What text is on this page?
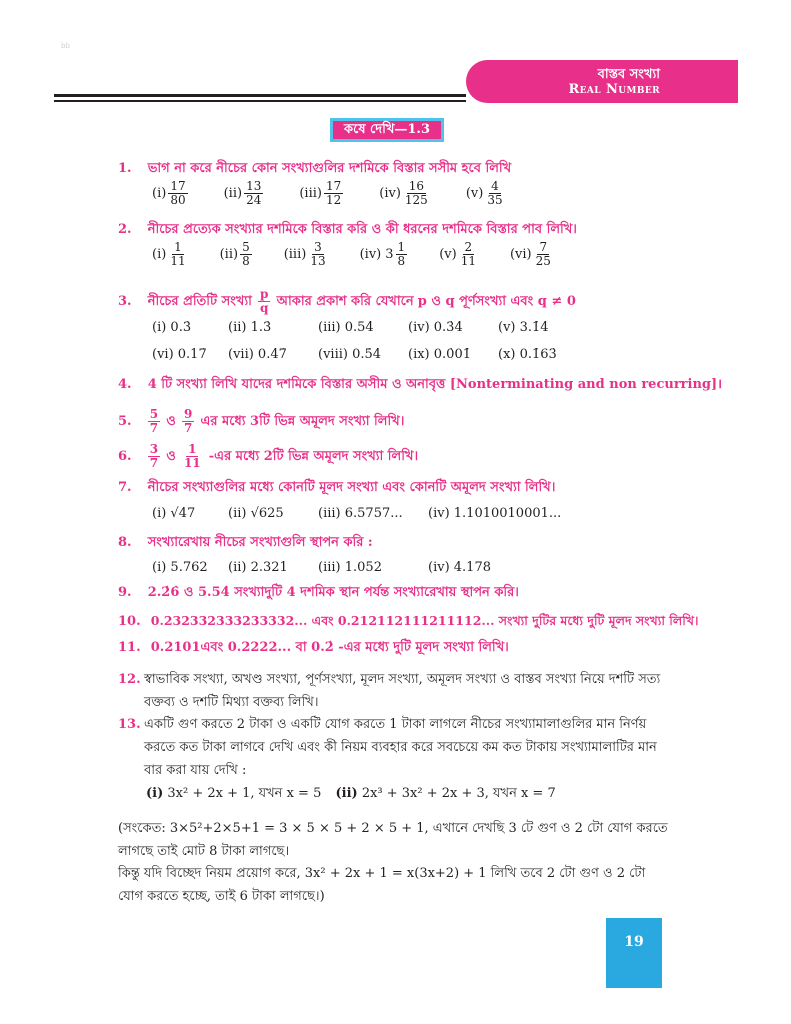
bb
বাস্তব সংখ্যা
Real Number
কষে দেখি—1.3
1. ভাগ না করে নীচের কোন সংখ্যাগুলির দশমিকে বিস্তার সসীম হবে লিখি
$(i) \frac{17}{80}$	$(ii) \frac{13}{24}$	$(iii) \frac{17}{12}$	$(iv) \frac{16}{125}$	$(v) \frac{4}{35}$
2. নীচের প্রত্যেক সংখ্যার দশমিকে বিস্তার করি ও কী ধরনের দশমিকে বিস্তার পাব লিখি।
$(i) \frac{1}{11} (ii) \frac{5}{8} (iii) \frac{3}{13} (iv)$ $3 \frac{1}{8} (v) \frac{2}{11} (vi) \frac{7}{25}$
3. নীচের প্রতিটি সংখ্যা $\frac{p}{q}$ আকার প্রকাশ করি যেখানে p ও q পূর্ণসংখ্যা এবং q ≠ 0
(i) 0.3̇	(ii) 1.3̇	(iii) 0.54̇	(iv) 0.3̇4̇	(v) 3.1̇4̇
(vi) 0.17̇ (vii) 0.47̇ (viii) 0.5̇4̇ (ix) 0.0̇01̇ (x) 0.1̇63̇
4. 4 টি সংখ্যা লিখি যাদের দশমিকে বিস্তার অসীম ও অনাবৃত্ত [Nonterminating and non recurring]।
5. $\frac{5}{7}$ ও $\frac{9}{7}$ এর মধ্যে 3টি ভিন্ন অমূলদ সংখ্যা লিখি।
6. $\frac{3}{7}$ ও $\frac{1}{11}$ -এর মধ্যে 2টি ভিন্ন অমূলদ সংখ্যা লিখি।
7. নীচের সংখ্যাগুলির মধ্যে কোনটি মূলদ সংখ্যা এবং কোনটি অমূলদ সংখ্যা লিখি।
(i) √47	(ii) √625	(iii) 6.5757... (iv) 1.1010010001...
8. সংখ্যারেখায় নীচের সংখ্যাগুলি স্থাপন করি :
(i) 5.762 (ii) 2.321 (iii) 1.052	(iv) 4.178
9. 2.2̇6̇ ও 5.54̇ সংখ্যাদুটি 4 দশমিক স্থান পর্যন্ত সংখ্যারেখায় স্থাপন করি।
10. 0.232332333233332... এবং 0.212112111211112... সংখ্যা দুটির মধ্যে দুটি মূলদ সংখ্যা লিখি।
11. 0.2101এবং 0.2222... বা 0.2̇ -এর মধ্যে দুটি মূলদ সংখ্যা লিখি।
12. স্বাভাবিক সংখ্যা, অখণ্ড সংখ্যা, পূর্ণসংখ্যা, মূলদ সংখ্যা, অমূলদ সংখ্যা ও বাস্তব সংখ্যা নিয়ে দশটি সত্য বক্তব্য ও দশটি মিথ্যা বক্তব্য লিখি।
13. একটি গুণ করতে 2 টাকা ও একটি যোগ করতে 1 টাকা লাগলে নীচের সংখ্যামালাগুলির মান নির্ণয় করতে কত টাকা লাগবে দেখি এবং কী নিয়ম ব্যবহার করে সবচেয়ে কম কত টাকায় সংখ্যামালাটির মান বার করা যায় দেখি :
(i) 3x² + 2x + 1, যখন x = 5 (ii) 2x³ + 3x² + 2x + 3, যখন x = 7
(সংকেত: 3×5²+2×5+1 = 3 × 5 × 5 + 2 × 5 + 1, এখানে দেখছি 3 টে গুণ ও 2 টো যোগ করতে লাগছে তাই মোট 8 টাকা লাগছে।
কিন্তু যদি বিচ্ছেদ নিয়ম প্রয়োগ করে, 3x² + 2x + 1 = x(3x+2) + 1 লিখি তবে 2 টো গুণ ও 2 টো যোগ করতে হচ্ছে, তাই 6 টাকা লাগছে।)
19
